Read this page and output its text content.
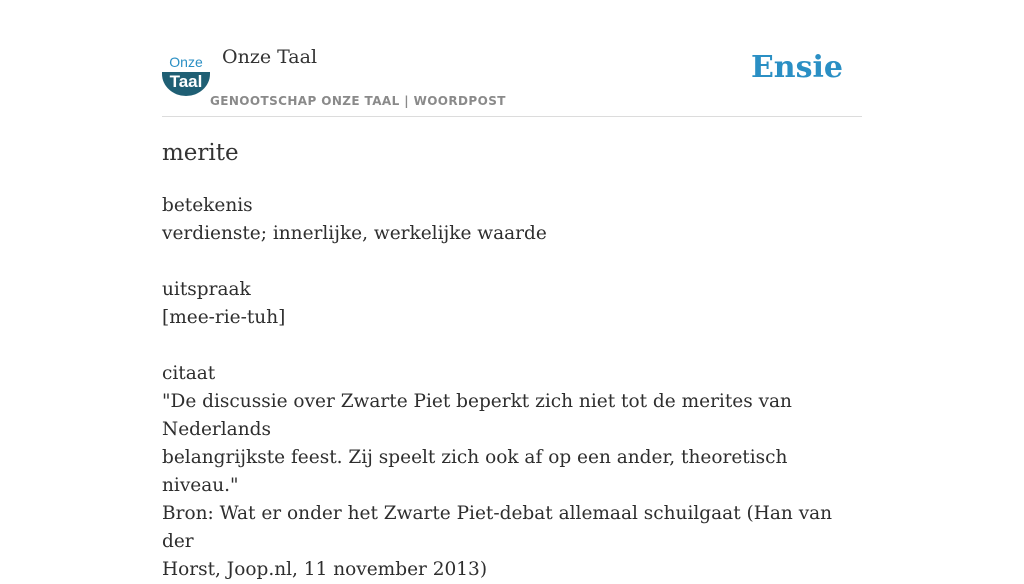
Onze
Taal
Onze Taal
GENOOTSCHAP ONZE TAAL | WOORDPOST
Ensie
merite
betekenis
verdienste; innerlijke, werkelijke waarde
uitspraak
[mee-rie-tuh]
citaat
"De discussie over Zwarte Piet beperkt zich niet tot de merites van Nederlands
belangrijkste feest. Zij speelt zich ook af op een ander, theoretisch niveau."
Bron: Wat er onder het Zwarte Piet-debat allemaal schuilgaat (Han van der
Horst, Joop.nl, 11 november 2013)
